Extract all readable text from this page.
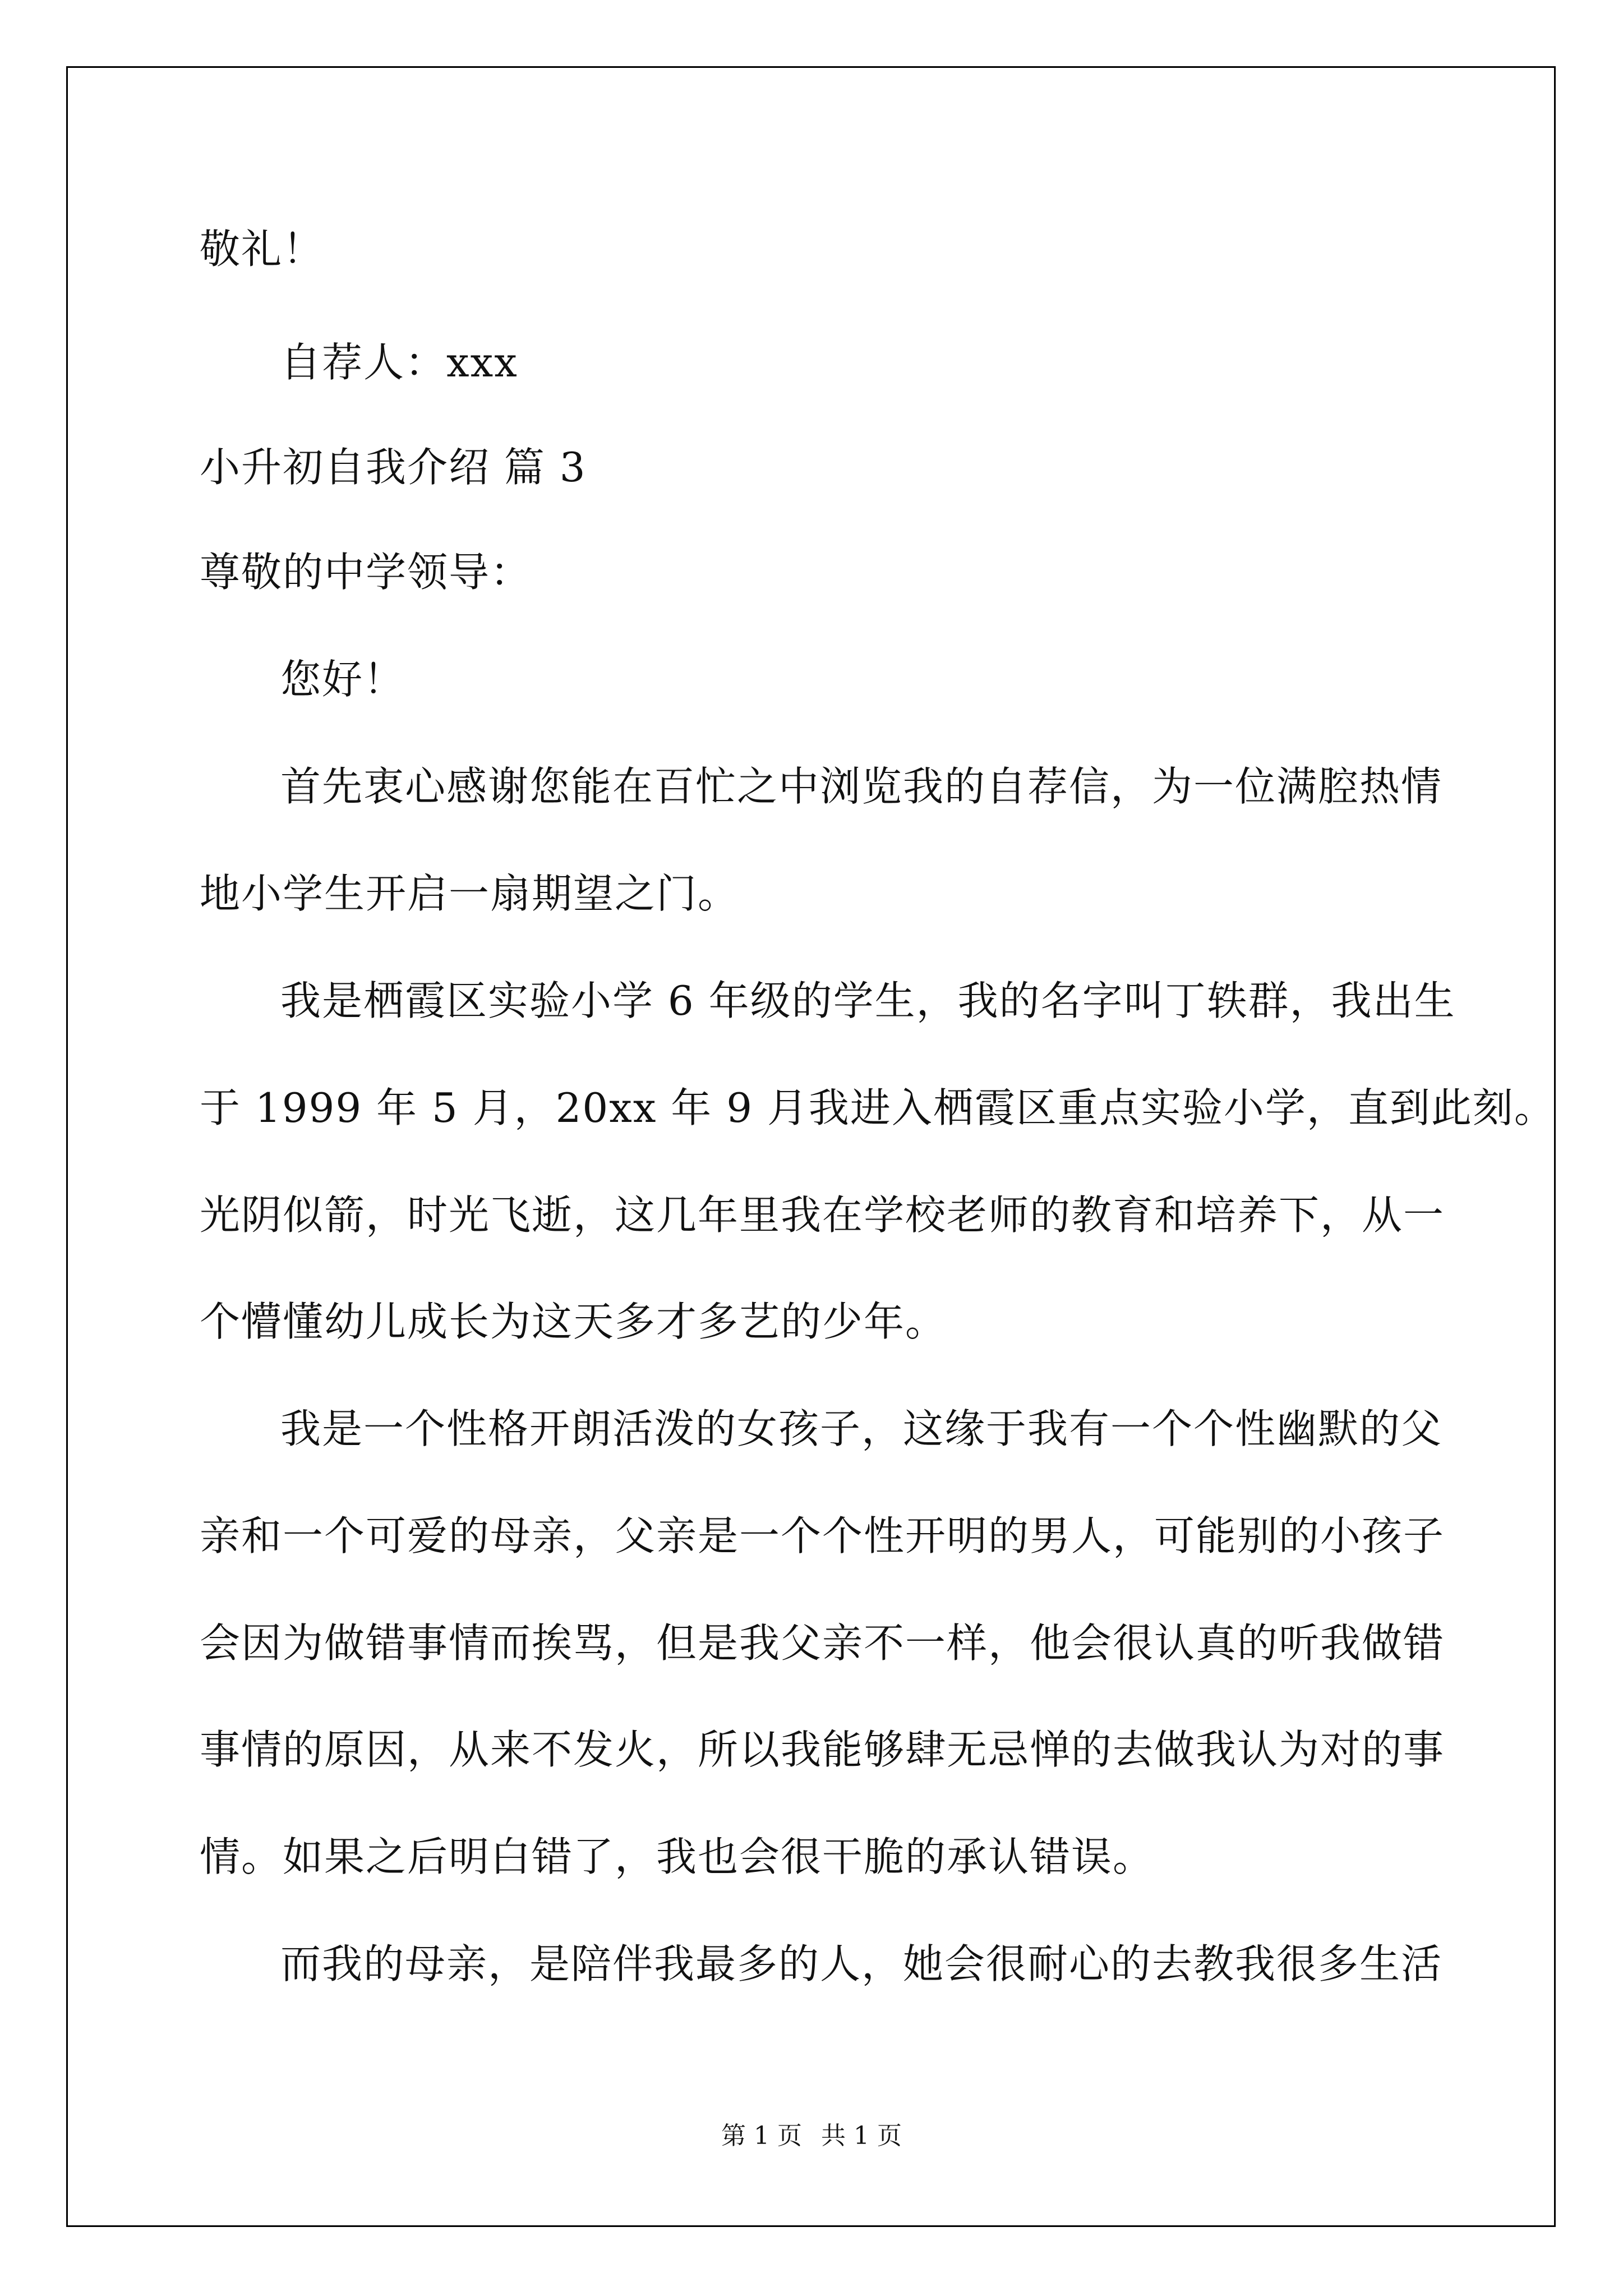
敬礼！
自荐人：xxx
小升初自我介绍 篇 3
尊敬的中学领导：
您好！
首先衷心感谢您能在百忙之中浏览我的自荐信，为一位满腔热情
地小学生开启一扇期望之门。
我是栖霞区实验小学 6 年级的学生，我的名字叫丁轶群，我出生
于 1999 年 5 月，20xx 年 9 月我进入栖霞区重点实验小学，直到此刻。
光阴似箭，时光飞逝，这几年里我在学校老师的教育和培养下，从一
个懵懂幼儿成长为这天多才多艺的少年。
我是一个性格开朗活泼的女孩子，这缘于我有一个个性幽默的父
亲和一个可爱的母亲，父亲是一个个性开明的男人，可能别的小孩子
会因为做错事情而挨骂，但是我父亲不一样，他会很认真的听我做错
事情的原因，从来不发火，所以我能够肆无忌惮的去做我认为对的事
情。如果之后明白错了，我也会很干脆的承认错误。
而我的母亲，是陪伴我最多的人，她会很耐心的去教我很多生活
第 1 页 共 1 页
